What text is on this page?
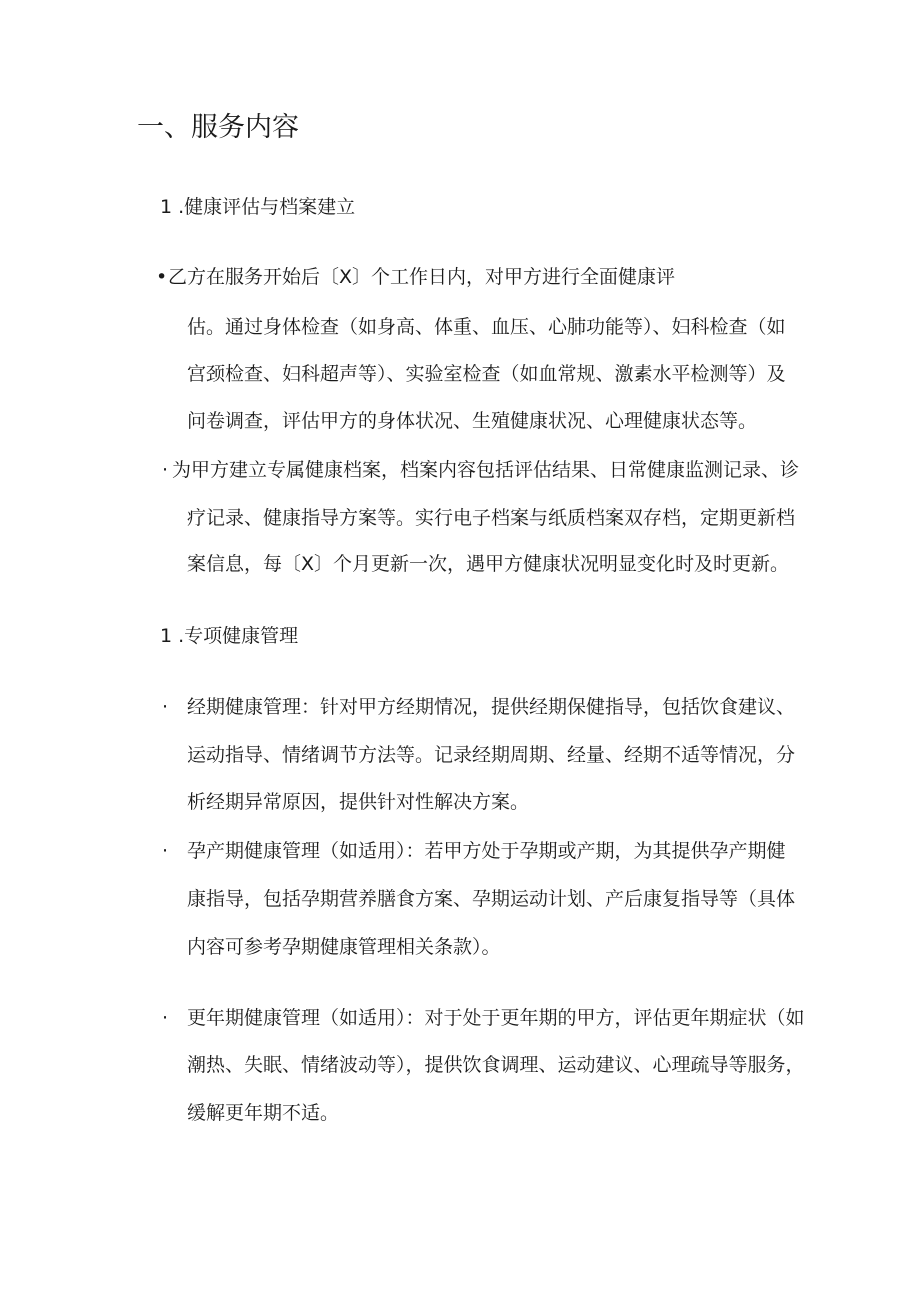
一、服务内容
1 .健康评估与档案建立
• 乙方在服务开始后〔X〕个工作日内，对甲方进行全面健康评
估。通过身体检查（如身高、体重、血压、心肺功能等）、妇科检查（如
宫颈检查、妇科超声等）、实验室检查（如血常规、激素水平检测等）及
问卷调查，评估甲方的身体状况、生殖健康状况、心理健康状态等。
· 为甲方建立专属健康档案，档案内容包括评估结果、日常健康监测记录、诊
疗记录、健康指导方案等。实行电子档案与纸质档案双存档，定期更新档
案信息，每〔X〕个月更新一次，遇甲方健康状况明显变化时及时更新。
1 .专项健康管理
· 经期健康管理：针对甲方经期情况，提供经期保健指导，包括饮食建议、
运动指导、情绪调节方法等。记录经期周期、经量、经期不适等情况，分
析经期异常原因，提供针对性解决方案。
· 孕产期健康管理（如适用）：若甲方处于孕期或产期，为其提供孕产期健
康指导，包括孕期营养膳食方案、孕期运动计划、产后康复指导等（具体
内容可参考孕期健康管理相关条款）。
· 更年期健康管理（如适用）：对于处于更年期的甲方，评估更年期症状（如
潮热、失眠、情绪波动等），提供饮食调理、运动建议、心理疏导等服务，
缓解更年期不适。
